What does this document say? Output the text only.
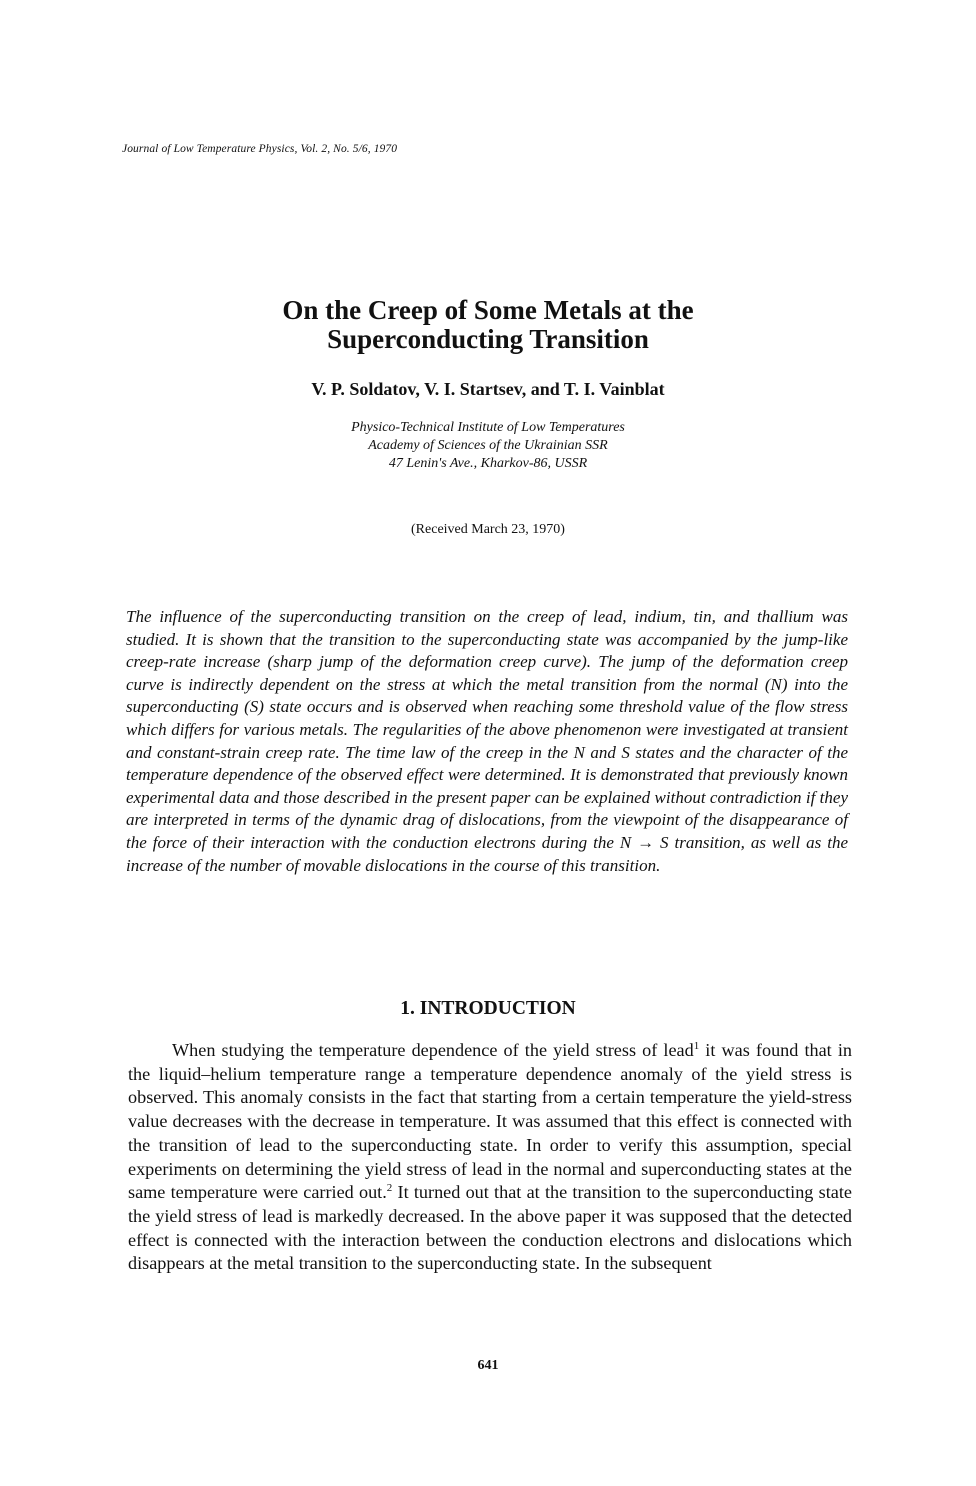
Journal of Low Temperature Physics, Vol. 2, No. 5/6, 1970
On the Creep of Some Metals at the
Superconducting Transition
V. P. Soldatov, V. I. Startsev, and T. I. Vainblat
Physico-Technical Institute of Low Temperatures
Academy of Sciences of the Ukrainian SSR
47 Lenin's Ave., Kharkov-86, USSR
(Received March 23, 1970)

The influence of the superconducting transition on the creep of lead, indium, tin, and thallium was studied. It is shown that the transition to the superconducting state was accompanied by the jump-like creep-rate increase (sharp jump of the deformation creep curve). The jump of the deformation creep curve is indirectly dependent on the stress at which the metal transition from the normal (N) into the superconducting (S) state occurs and is observed when reaching some threshold value of the flow stress which differs for various metals. The regularities of the above phenomenon were investigated at transient and constant-strain creep rate. The time law of the creep in the N and S states and the character of the temperature dependence of the observed effect were determined. It is demonstrated that previously known experimental data and those described in the present paper can be explained without contradiction if they are interpreted in terms of the dynamic drag of dislocations, from the viewpoint of the disappearance of the force of their interaction with the conduction electrons during the N → S transition, as well as the increase of the number of movable dislocations in the course of this transition.

1. INTRODUCTION

When studying the temperature dependence of the yield stress of lead$^1$ it was found that in the liquid–helium temperature range a temperature dependence anomaly of the yield stress is observed. This anomaly consists in the fact that starting from a certain temperature the yield-stress value decreases with the decrease in temperature. It was assumed that this effect is connected with the transition of lead to the superconducting state. In order to verify this assumption, special experiments on determining the yield stress of lead in the normal and superconducting states at the same temperature were carried out.$^2$ It turned out that at the transition to the superconducting state the yield stress of lead is markedly decreased. In the above paper it was supposed that the detected effect is connected with the interaction between the conduction electrons and dislocations which disappears at the metal transition to the superconducting state. In the subsequent

641
